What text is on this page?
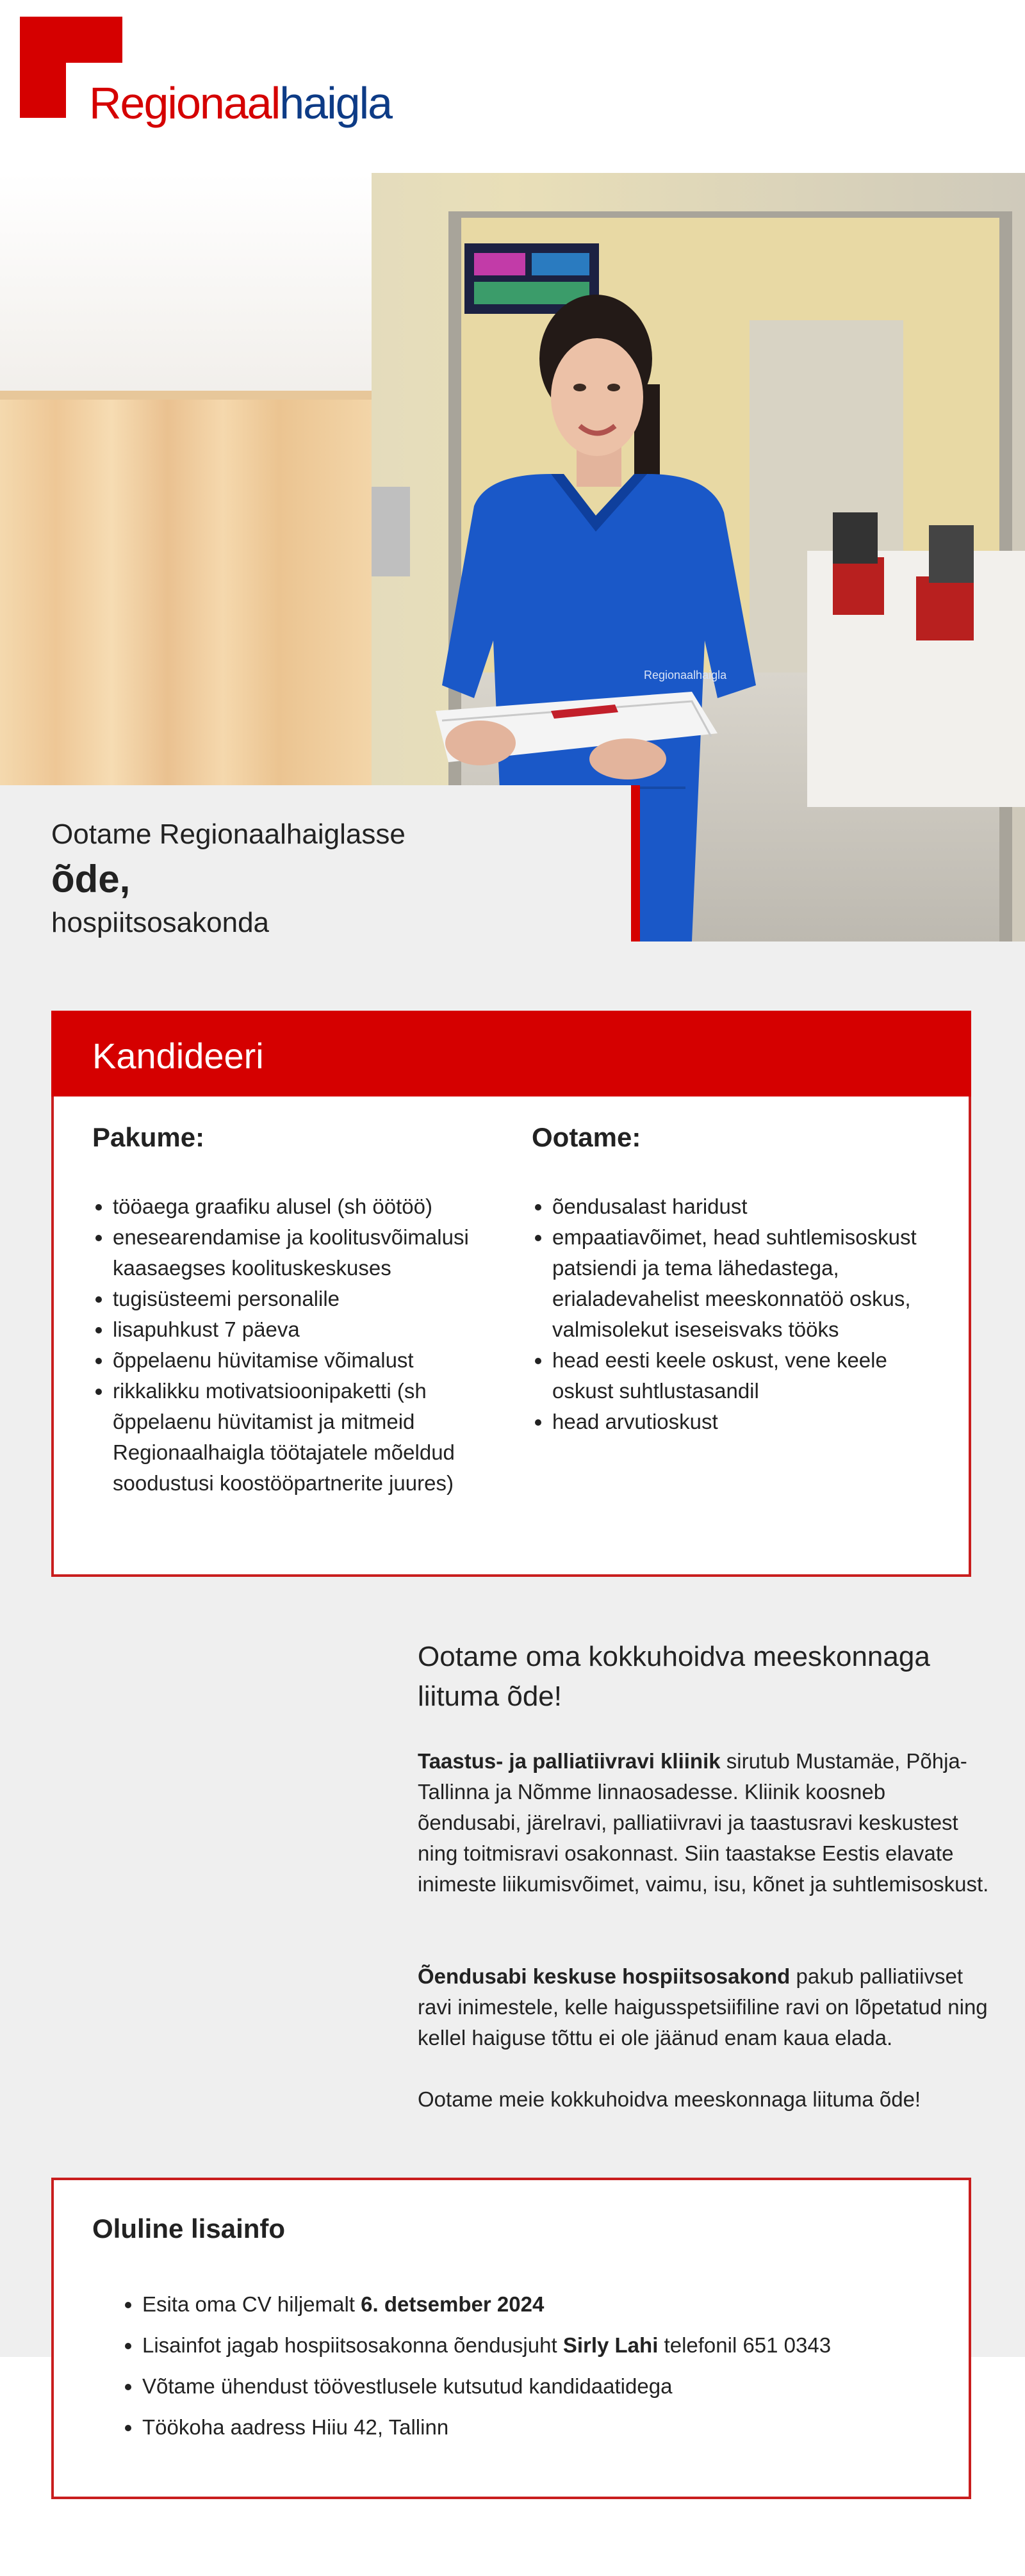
Regionaalhaigla
Regionaalhaigla
Ootame Regionaalhaiglasse
õde,
hospiitsosakonda
Kandideeri
Pakume:
• tööaega graafiku alusel (sh öötöö)
• enesearendamise ja koolitusvõimalusi kaasaegses koolituskeskuses
• tugisüsteemi personalile
• lisapuhkust 7 päeva
• õppelaenu hüvitamise võimalust
• rikkalikku motivatsioonipaketti (sh õppelaenu hüvitamist ja mitmeid Regionaalhaigla töötajatele mõeldud soodustusi koostööpartnerite juures)
Ootame:
• õendusalast haridust
• empaatiavõimet, head suhtlemisoskust patsiendi ja tema lähedastega, erialadevahelist meeskonnatöö oskus, valmisolekut iseseisvaks tööks
• head eesti keele oskust, vene keele oskust suhtlustasandil
• head arvutioskust
Ootame oma kokkuhoidva meeskonnaga liituma õde!

Taastus- ja palliatiivravi kliinik sirutub Mustamäe, Põhja-Tallinna ja Nõmme linnaosadesse. Kliinik koosneb õendusabi, järelravi, palliatiivravi ja taastusravi keskustest ning toitmisravi osakonnast. Siin taastakse Eestis elavate inimeste liikumisvõimet, vaimu, isu, kõnet ja suhtlemisoskust.

Õendusabi keskuse hospiitsosakond pakub palliatiivset ravi inimestele, kelle haigusspetsiifiline ravi on lõpetatud ning kellel haiguse tõttu ei ole jäänud enam kaua elada.

Ootame meie kokkuhoidva meeskonnaga liituma õde!

Oluline lisainfo
• Esita oma CV hiljemalt 6. detsember 2024
• Lisainfot jagab hospiitsosakonna õendusjuht Sirly Lahi telefonil 651 0343
• Võtame ühendust töövestlusele kutsutud kandidaatidega
• Töökoha aadress Hiiu 42, Tallinn
